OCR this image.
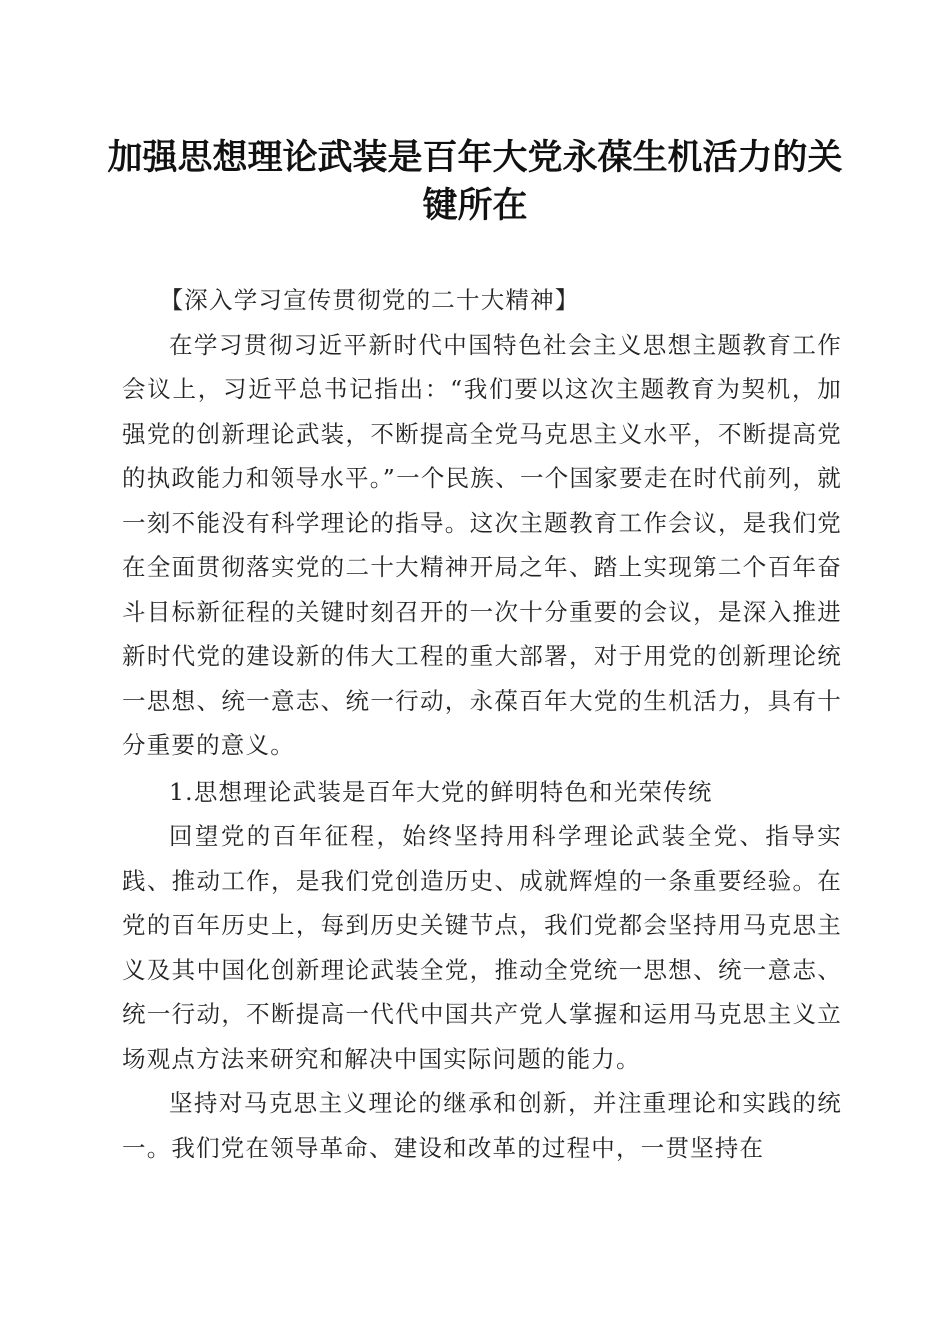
加强思想理论武装是百年大党永葆生机活力的关键所在

【深入学习宣传贯彻党的二十大精神】

在学习贯彻习近平新时代中国特色社会主义思想主题教育工作会议上，习近平总书记指出：“我们要以这次主题教育为契机，加强党的创新理论武装，不断提高全党马克思主义水平，不断提高党的执政能力和领导水平。”一个民族、一个国家要走在时代前列，就一刻不能没有科学理论的指导。这次主题教育工作会议，是我们党在全面贯彻落实党的二十大精神开局之年、踏上实现第二个百年奋斗目标新征程的关键时刻召开的一次十分重要的会议，是深入推进新时代党的建设新的伟大工程的重大部署，对于用党的创新理论统一思想、统一意志、统一行动，永葆百年大党的生机活力，具有十分重要的意义。

1.思想理论武装是百年大党的鲜明特色和光荣传统

回望党的百年征程，始终坚持用科学理论武装全党、指导实践、推动工作，是我们党创造历史、成就辉煌的一条重要经验。在党的百年历史上，每到历史关键节点，我们党都会坚持用马克思主义及其中国化创新理论武装全党，推动全党统一思想、统一意志、统一行动，不断提高一代代中国共产党人掌握和运用马克思主义立场观点方法来研究和解决中国实际问题的能力。

坚持对马克思主义理论的继承和创新，并注重理论和实践的统一。我们党在领导革命、建设和改革的过程中，一贯坚持在
